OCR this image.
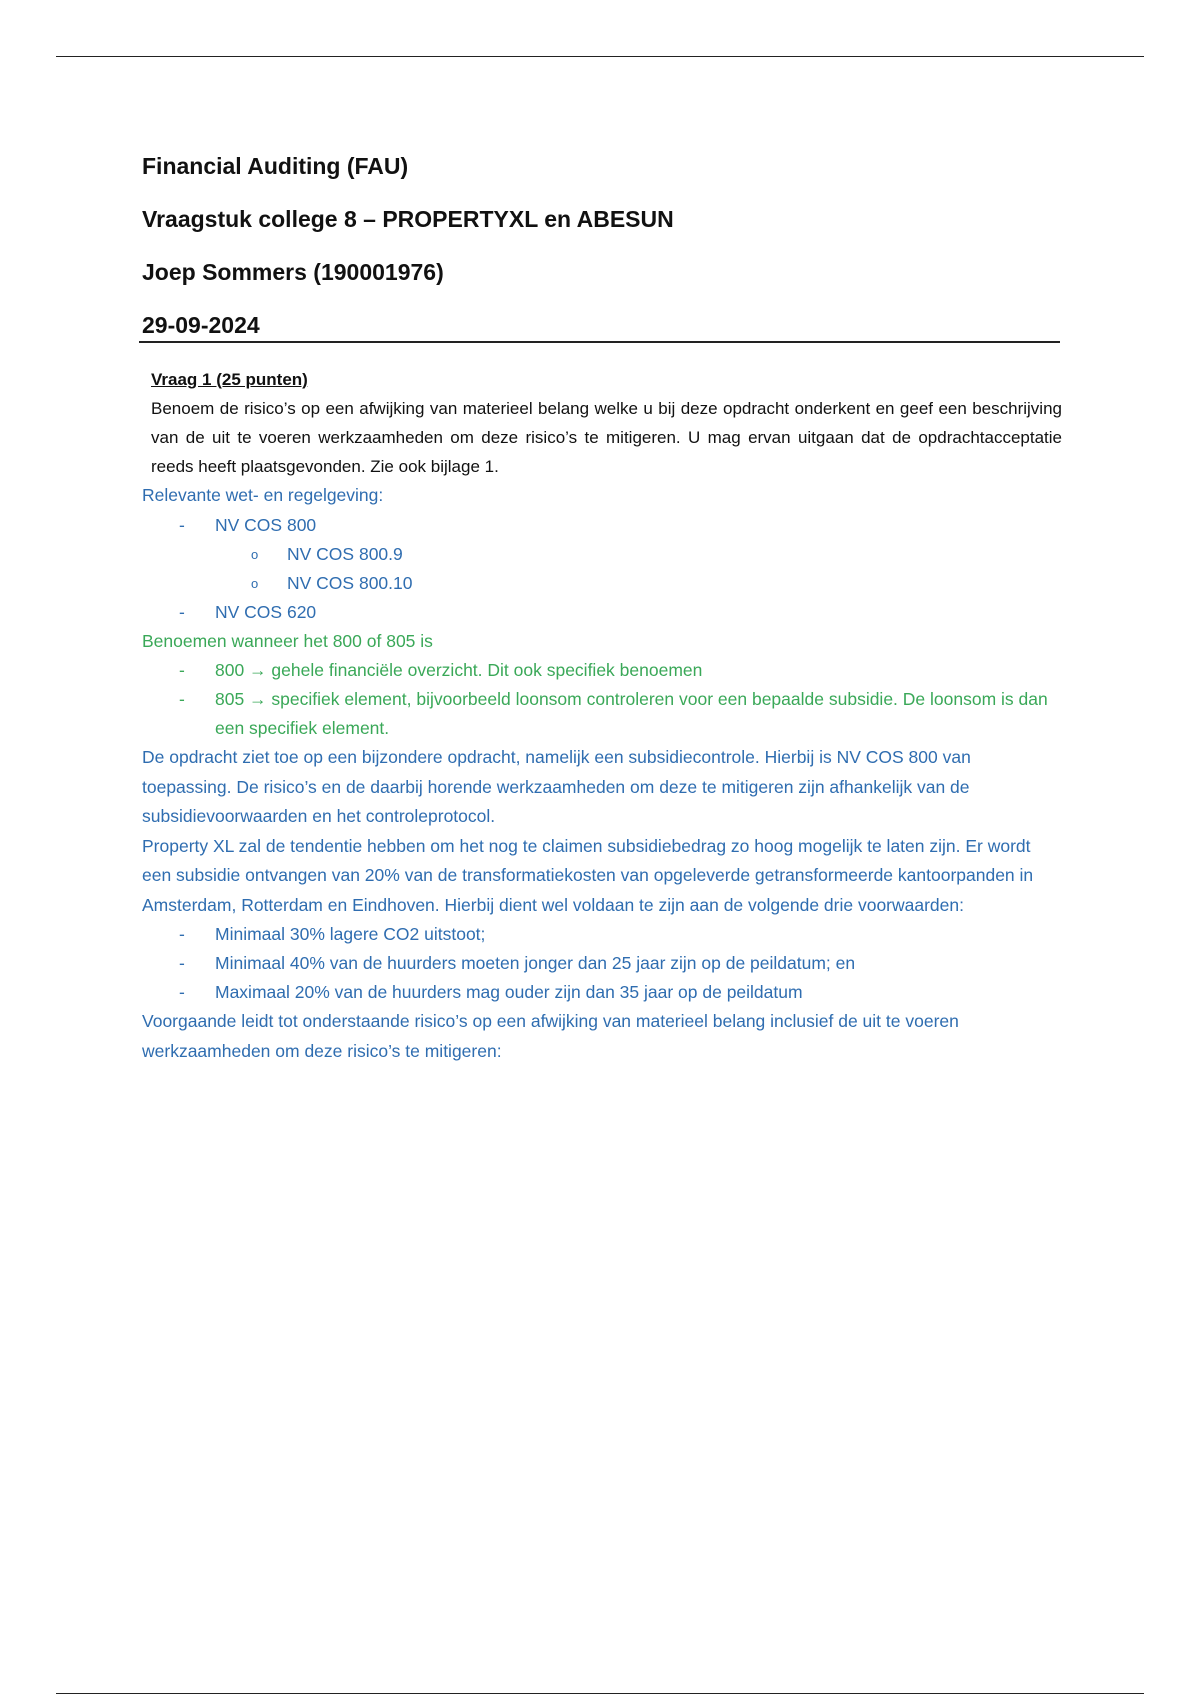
Financial Auditing (FAU)
Vraagstuk college 8 – PROPERTYXL en ABESUN
Joep Sommers (190001976)
29-09-2024
Vraag 1 (25 punten)
Benoem de risico’s op een afwijking van materieel belang welke u bij deze opdracht onderkent en geef een beschrijving van de uit te voeren werkzaamheden om deze risico’s te mitigeren. U mag ervan uitgaan dat de opdrachtacceptatie reeds heeft plaatsgevonden. Zie ook bijlage 1.

Relevante wet- en regelgeving:

- NV COS 800
o NV COS 800.9
o NV COS 800.10
- NV COS 620

Benoemen wanneer het 800 of 805 is

- 800 → gehele financiële overzicht. Dit ook specifiek benoemen
- 805 → specifiek element, bijvoorbeeld loonsom controleren voor een bepaalde subsidie. De loonsom is dan een specifiek element.

De opdracht ziet toe op een bijzondere opdracht, namelijk een subsidiecontrole. Hierbij is NV COS 800 van toepassing. De risico’s en de daarbij horende werkzaamheden om deze te mitigeren zijn afhankelijk van de subsidievoorwaarden en het controleprotocol.

Property XL zal de tendentie hebben om het nog te claimen subsidiebedrag zo hoog mogelijk te laten zijn. Er wordt een subsidie ontvangen van 20% van de transformatiekosten van opgeleverde getransformeerde kantoorpanden in Amsterdam, Rotterdam en Eindhoven. Hierbij dient wel voldaan te zijn aan de volgende drie voorwaarden:

- Minimaal 30% lagere CO2 uitstoot;
- Minimaal 40% van de huurders moeten jonger dan 25 jaar zijn op de peildatum; en
- Maximaal 20% van de huurders mag ouder zijn dan 35 jaar op de peildatum

Voorgaande leidt tot onderstaande risico’s op een afwijking van materieel belang inclusief de uit te voeren werkzaamheden om deze risico’s te mitigeren:
